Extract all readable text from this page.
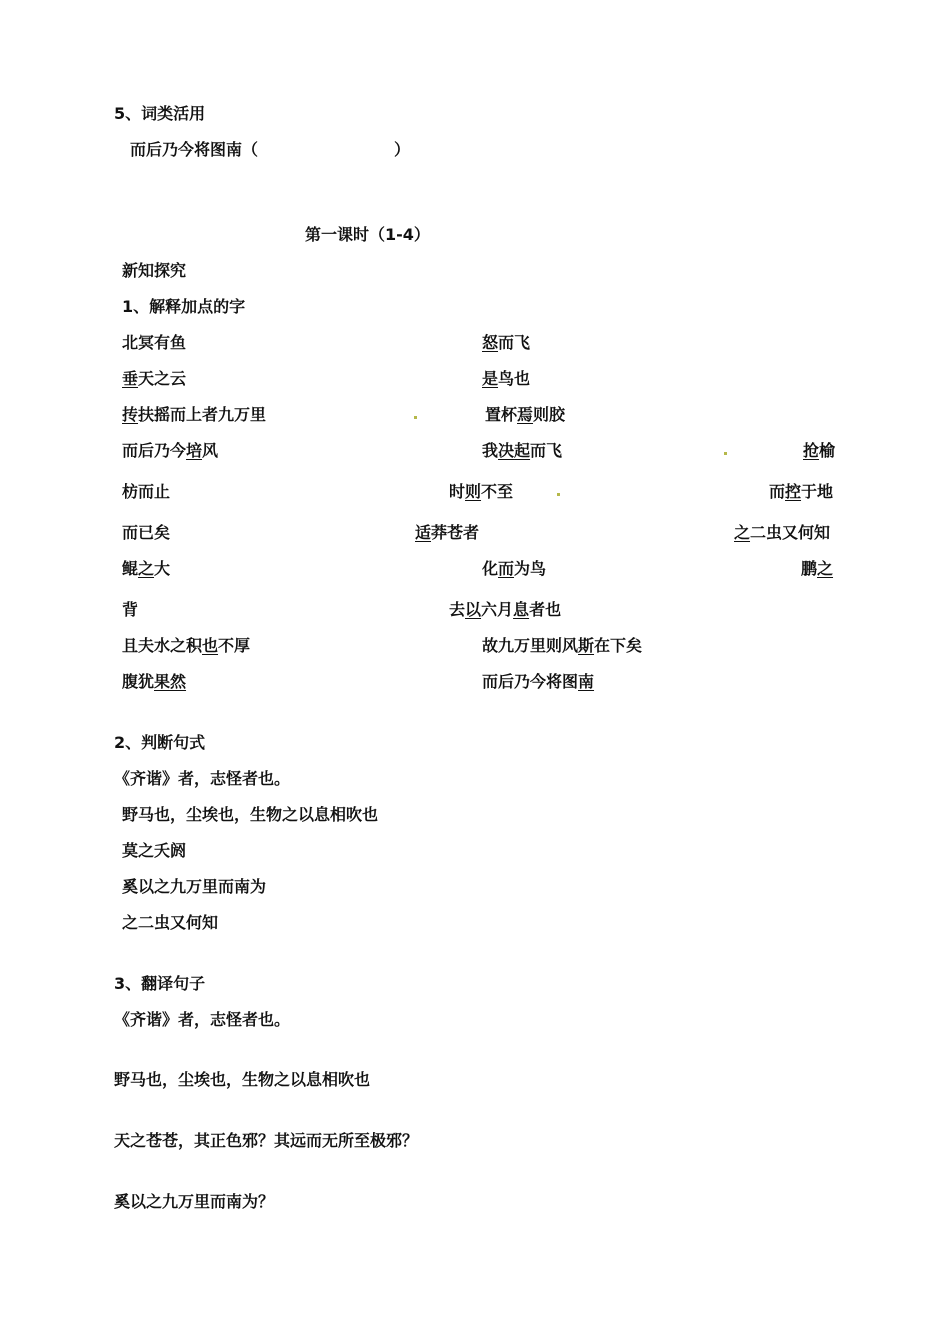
5、词类活用
而后乃今将图南（	）
第一课时（1-4）
新知探究
1、解释加点的字
北冥有鱼	怒而飞
垂天之云	是鸟也
抟扶摇而上者九万里	置杯焉则胶
而后乃今培风	我决起而飞	抢榆
枋而止	时则不至	而控于地
而已矣	适莽苍者	之二虫又何知
鲲之大	化而为鸟	鹏之
背	去以六月息者也
且夫水之积也不厚	故九万里则风斯在下矣
腹犹果然	而后乃今将图南
2、判断句式
《齐谐》者，志怪者也。
野马也，尘埃也，生物之以息相吹也
莫之夭阏
奚以之九万里而南为
之二虫又何知
3、翻译句子
《齐谐》者，志怪者也。
野马也，尘埃也，生物之以息相吹也
天之苍苍，其正色邪？其远而无所至极邪？
奚以之九万里而南为？
